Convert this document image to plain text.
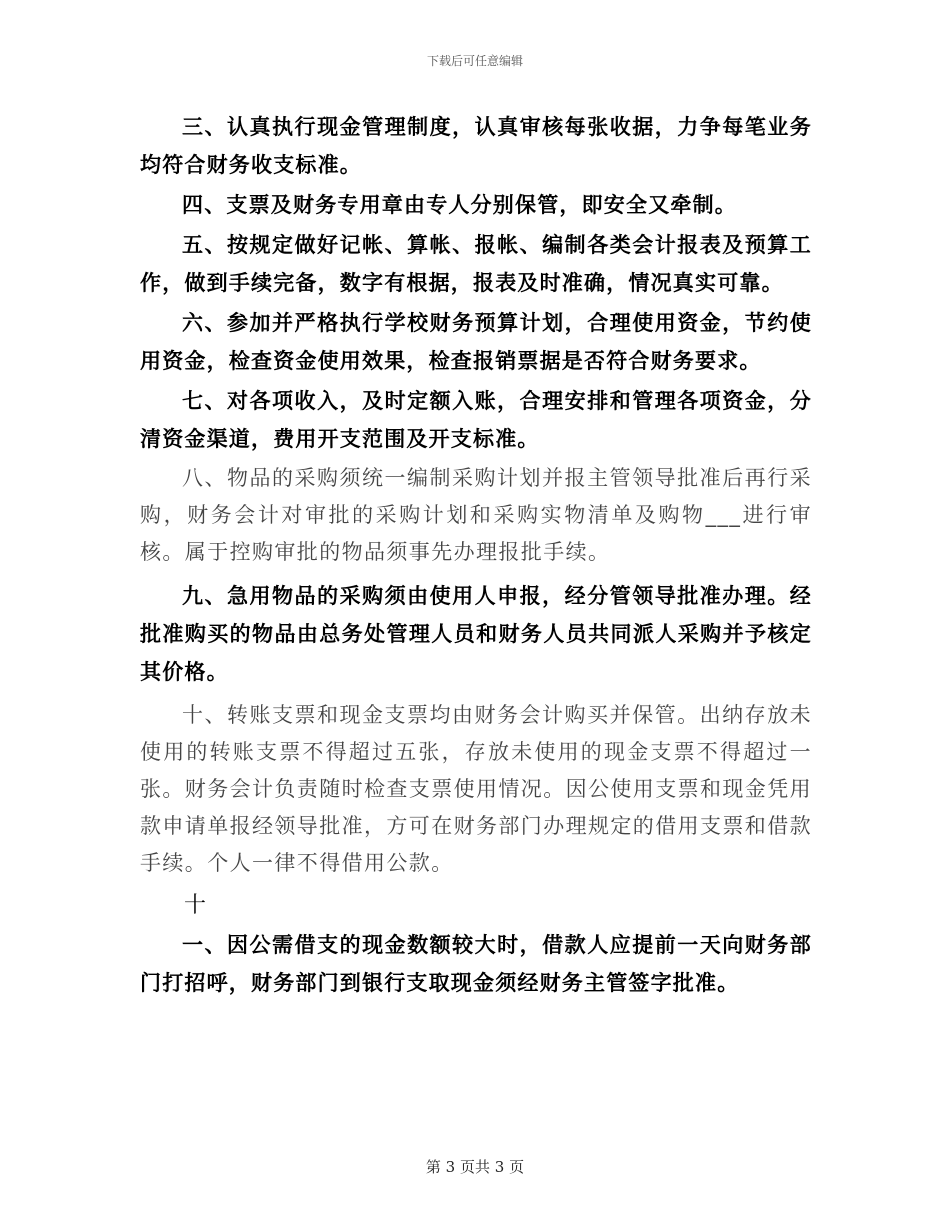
下载后可任意编辑

三、认真执行现金管理制度，认真审核每张收据，力争每笔业务均符合财务收支标准。

四、支票及财务专用章由专人分别保管，即安全又牵制。

五、按规定做好记帐、算帐、报帐、编制各类会计报表及预算工作，做到手续完备，数字有根据，报表及时准确，情况真实可靠。

六、参加并严格执行学校财务预算计划，合理使用资金，节约使用资金，检查资金使用效果，检查报销票据是否符合财务要求。

七、对各项收入，及时定额入账，合理安排和管理各项资金，分清资金渠道，费用开支范围及开支标准。

八、物品的采购须统一编制采购计划并报主管领导批准后再行采购，财务会计对审批的采购计划和采购实物清单及购物___进行审核。属于控购审批的物品须事先办理报批手续。

九、急用物品的采购须由使用人申报，经分管领导批准办理。经批准购买的物品由总务处管理人员和财务人员共同派人采购并予核定其价格。

十、转账支票和现金支票均由财务会计购买并保管。出纳存放未使用的转账支票不得超过五张，存放未使用的现金支票不得超过一张。财务会计负责随时检查支票使用情况。因公使用支票和现金凭用款申请单报经领导批准，方可在财务部门办理规定的借用支票和借款手续。个人一律不得借用公款。

十

一、因公需借支的现金数额较大时，借款人应提前一天向财务部门打招呼，财务部门到银行支取现金须经财务主管签字批准。

第 3 页共 3 页
